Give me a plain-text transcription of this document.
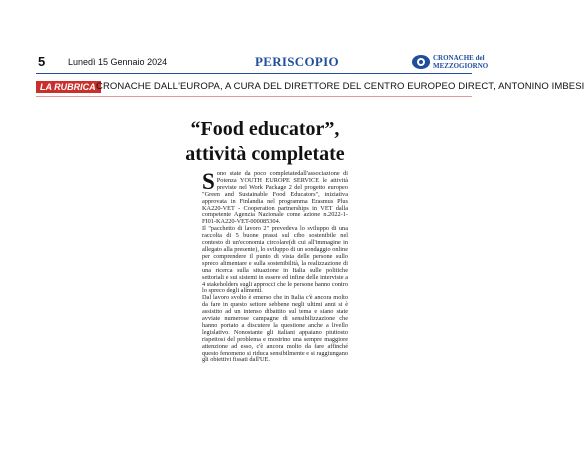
5	Lunedì 15 Gennaio 2024	PERISCOPIO	CRONACHE del
MEZZOGIORNO
LA RUBRICA CRONACHE DALL'EUROPA, A CURA DEL DIRETTORE DEL CENTRO EUROPEO DIRECT, ANTONINO IMBESI
“Food educator”,
attività completate

Sono state da poco completatedall'associazione di Potenza YOUTH EUROPE SERVICE le attività previste nel Work Package 2 del progetto europeo "Green and Sustainable Food Educators", iniziativa approvata in Finlandia nel programma Erasmus Plus KA220-VET - Cooperation partnerships in VET dalla competente Agenzia Nazionale come azione n.2022-1-FI01-KA220-VET-000085304.

Il "pacchetto di lavoro 2" prevedeva lo sviluppo di una raccolta di 5 buone prassi sul cibo sostenibile nel contesto di un'economia circolare(di cui all'immagine in allegato alla presente), lo sviluppo di un sondaggio online per comprendere il punto di vista delle persone sullo spreco alimentare e sulla sostenibilità, la realizzazione di una ricerca sulla situazione in Italia sulle politiche settoriali e sui sistemi in essere ed infine delle interviste a 4 stakeholders sugli approcci che le persone hanno contro lo spreco degli alimenti.

Dal lavoro svolto è emerso che in Italia c'è ancora molto da fare in questo settore sebbene negli ultimi anni si è assistito ad un intenso dibattito sul tema e siano state avviate numerose campagne di sensibilizzazione che hanno portato a discutere la questione anche a livello legislativo. Nonostante gli italiani appaiano piuttosto rispettosi del problema e mostrino una sempre maggiore attenzione ad esso, c'è ancora molto da fare affinché questo fenomeno si riduca sensibilmente e si raggiungano gli obiettivi fissati dall'UE.
